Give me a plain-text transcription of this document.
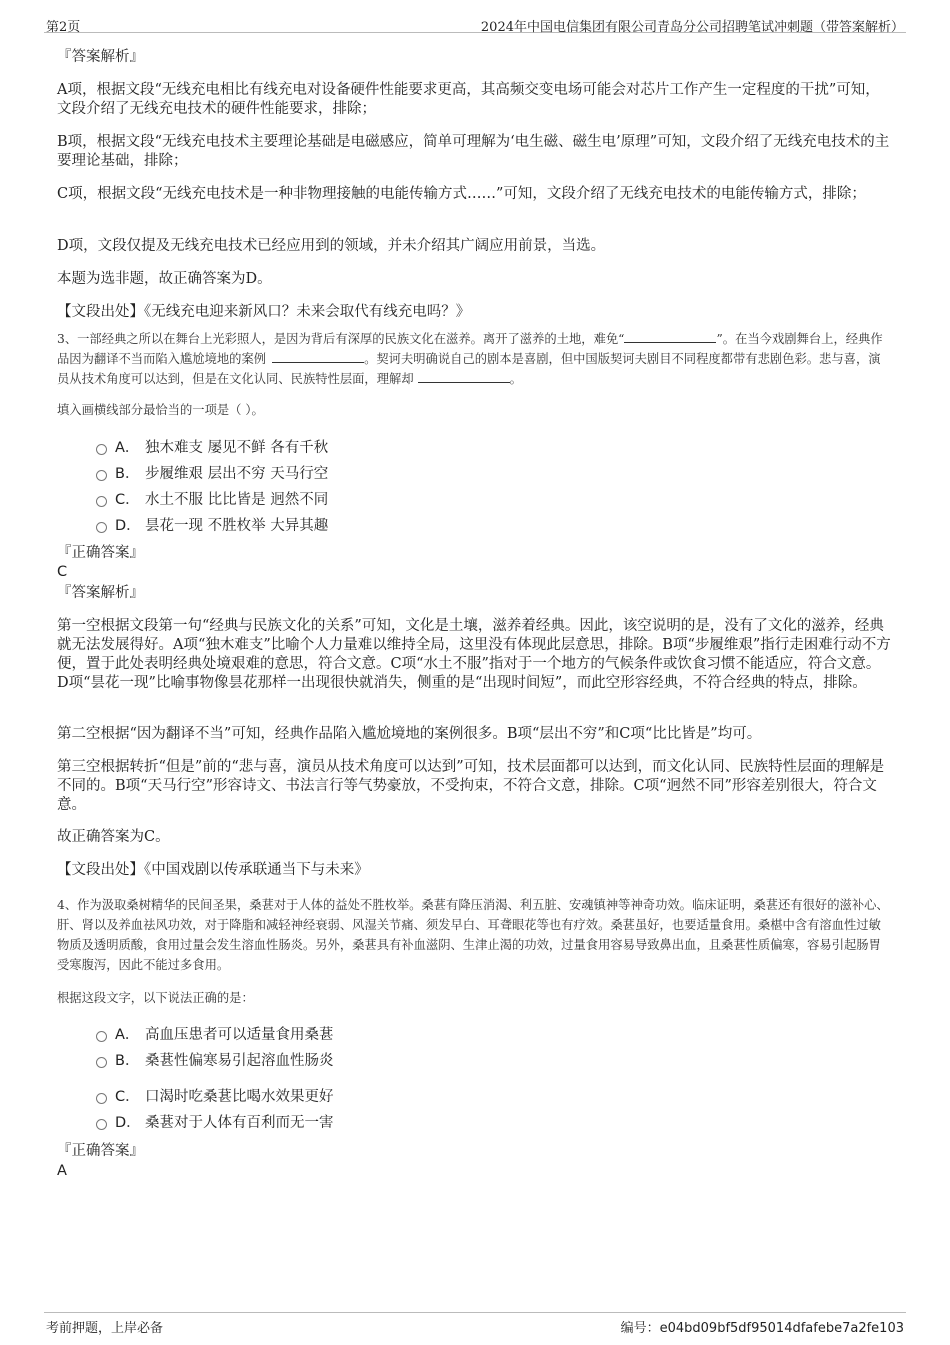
第2页	2024年中国电信集团有限公司青岛分公司招聘笔试冲刺题（带答案解析）

『答案解析』

A项，根据文段“无线充电相比有线充电对设备硬件性能要求更高，其高频交变电场可能会对芯片工作产生一定程度的干扰”可知，文段介绍了无线充电技术的硬件性能要求，排除；

B项，根据文段“无线充电技术主要理论基础是电磁感应，简单可理解为‘电生磁、磁生电’原理”可知，文段介绍了无线充电技术的主要理论基础，排除；

C项，根据文段“无线充电技术是一种非物理接触的电能传输方式……”可知，文段介绍了无线充电技术的电能传输方式，排除；

D项，文段仅提及无线充电技术已经应用到的领域，并未介绍其广阔应用前景，当选。

本题为选非题，故正确答案为D。

【文段出处】《无线充电迎来新风口？未来会取代有线充电吗？》

3、一部经典之所以在舞台上光彩照人，是因为背后有深厚的民族文化在滋养。离开了滋养的土地，难免“	”。在当今戏剧舞台上，经典作品因为翻译不当而陷入尴尬境地的案例	。契诃夫明确说自己的剧本是喜剧，但中国版契诃夫剧目不同程度都带有悲剧色彩。悲与喜，演员从技术角度可以达到，但是在文化认同、民族特性层面，理解却	。

填入画横线部分最恰当的一项是（ ）。

A． 独木难支 屡见不鲜 各有千秋
B． 步履维艰 层出不穷 天马行空
C． 水土不服 比比皆是 迥然不同
D． 昙花一现 不胜枚举 大异其趣

『正确答案』

C

『答案解析』

第一空根据文段第一句“经典与民族文化的关系”可知，文化是土壤，滋养着经典。因此，该空说明的是，没有了文化的滋养，经典就无法发展得好。A项“独木难支”比喻个人力量难以维持全局，这里没有体现此层意思，排除。B项“步履维艰”指行走困难行动不方便，置于此处表明经典处境艰难的意思，符合文意。C项“水土不服”指对于一个地方的气候条件或饮食习惯不能适应，符合文意。D项“昙花一现”比喻事物像昙花那样一出现很快就消失，侧重的是“出现时间短”，而此空形容经典，不符合经典的特点，排除。

第二空根据“因为翻译不当”可知，经典作品陷入尴尬境地的案例很多。B项“层出不穷”和C项“比比皆是”均可。

第三空根据转折“但是”前的“悲与喜，演员从技术角度可以达到”可知，技术层面都可以达到，而文化认同、民族特性层面的理解是不同的。B项“天马行空”形容诗文、书法言行等气势豪放，不受拘束，不符合文意，排除。C项“迥然不同”形容差别很大，符合文意。

故正确答案为C。

【文段出处】《中国戏剧以传承联通当下与未来》

4、作为汲取桑树精华的民间圣果，桑葚对于人体的益处不胜枚举。桑葚有降压消渴、利五脏、安魂镇神等神奇功效。临床证明，桑葚还有很好的滋补心、肝、肾以及养血祛风功效，对于降脂和减轻神经衰弱、风湿关节痛、须发早白、耳聋眼花等也有疗效。桑葚虽好，也要适量食用。桑椹中含有溶血性过敏物质及透明质酸，食用过量会发生溶血性肠炎。另外，桑葚具有补血滋阴、生津止渴的功效，过量食用容易导致鼻出血，且桑葚性质偏寒，容易引起肠胃受寒腹泻，因此不能过多食用。

根据这段文字，以下说法正确的是：

A． 高血压患者可以适量食用桑葚
B． 桑葚性偏寒易引起溶血性肠炎
C． 口渴时吃桑葚比喝水效果更好
D． 桑葚对于人体有百利而无一害

『正确答案』

A

考前押题，上岸必备	编号：e04bd09bf5df95014dfafebe7a2fe103
